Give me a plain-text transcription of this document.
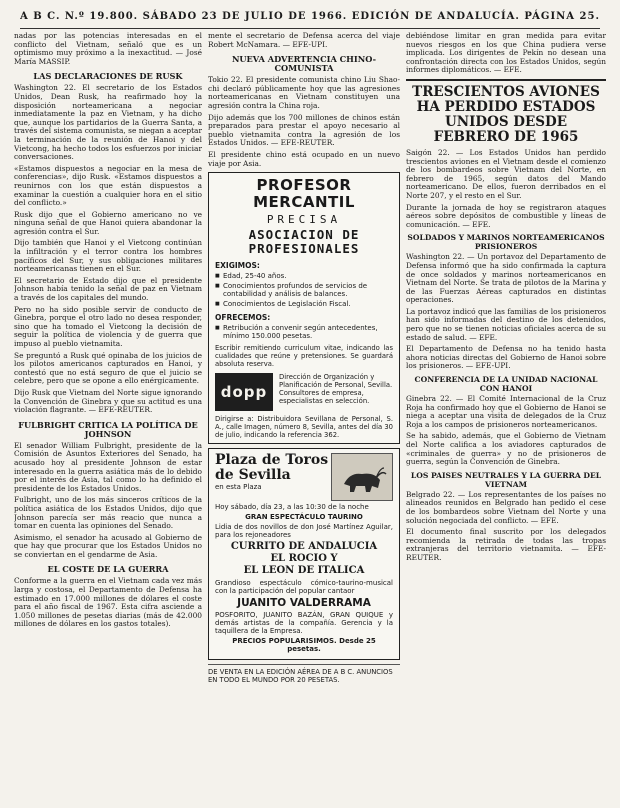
A B C. N.º 19.800. SÁBADO 23 DE JULIO DE 1966. EDICIÓN DE ANDALUCÍA. PÁGINA 25.

nadas por las potencias interesadas en el conflicto del Vietnam, señaló que es un optimismo muy próximo a la inexactitud. — José María MASSIP.

LAS DECLARACIONES DE RUSK

Washington 22. El secretario de los Estados Unidos, Dean Rusk, ha reafirmado hoy la disposición norteamericana a negociar inmediatamente la paz en Vietnam, y ha dicho que, aunque los partidarios de la Guerra Santa, a través del sistema comunista, se niegan a aceptar la terminación de la reunión de Hanoi y del Vietcong, ha hecho todos los esfuerzos por iniciar conversaciones.

«Estamos dispuestos a negociar en la mesa de conferencias», dijo Rusk. «Estamos dispuestos a reunirnos con los que están dispuestos a examinar la cuestión a cualquier hora en el sitio del conflicto.»

Rusk dijo que el Gobierno americano no ve ninguna señal de que Hanoi quiera abandonar la agresión contra el Sur.

Dijo también que Hanoi y el Vietcong continúan la infiltración y el terror contra los hombres pacíficos del Sur, y sus obligaciones militares norteamericanas tienen en el Sur.

El secretario de Estado dijo que el presidente Johnson había tenido la señal de paz en Vietnam a través de los capitales del mundo.

Pero no ha sido posible servir de conducto de Ginebra, porque el otro lado no desea responder, sino que ha tomado el Vietcong la decisión de seguir la política de violencia y de guerra que impuso al pueblo vietnamita.

Se preguntó a Rusk qué opinaba de los juicios de los pilotos americanos capturados en Hanoi, y contestó que no está seguro de que el juicio se celebre, pero que se opone a ello enérgicamente.

Dijo Rusk que Vietnam del Norte sigue ignorando la Convención de Ginebra y que su actitud es una violación flagrante. — EFE-REUTER.

FULBRIGHT CRITICA LA POLÍTICA DE JOHNSON

El senador William Fulbright, presidente de la Comisión de Asuntos Exteriores del Senado, ha acusado hoy al presidente Johnson de estar interesado en la guerra asiática más de lo debido por el interés de Asia, tal como lo ha definido el presidente de los Estados Unidos.

Fulbright, uno de los más sinceros críticos de la política asiática de los Estados Unidos, dijo que Johnson parecía ser más reacio que nunca a tomar en cuenta las opiniones del Senado.

Asimismo, el senador ha acusado al Gobierno de que hay que procurar que los Estados Unidos no se conviertan en el gendarme de Asia.

EL COSTE DE LA GUERRA

Conforme a la guerra en el Vietnam cada vez más larga y costosa, el Departamento de Defensa ha estimado en 17.000 millones de dólares el coste para el año fiscal de 1967. Esta cifra asciende a 1.050 millones de pesetas diarias (más de 42.000 millones de dólares en los gastos totales).

mente el secretario de Defensa acerca del viaje Robert McNamara. — EFE-UPI.

NUEVA ADVERTENCIA CHINO-COMUNISTA

Tokio 22. El presidente comunista chino Liu Shao-chi declaró públicamente hoy que las agresiones norteamericanas en Vietnam constituyen una agresión contra la China roja.

Dijo además que los 700 millones de chinos están preparados para prestar el apoyo necesario al pueblo vietnamita contra la agresión de los Estados Unidos. — EFE-REUTER.

El presidente chino está ocupado en un nuevo viaje por Asia.

PROFESOR MERCANTIL
PRECISA
ASOCIACION DE PROFESIONALES
EXIGIMOS:
■ Edad, 25-40 años.
■ Conocimientos profundos de servicios de contabilidad y análisis de balances.
■ Conocimientos de Legislación Fiscal.
OFRECEMOS:
■ Retribución a convenir según antecedentes, mínimo 150.000 pesetas.
Escribir remitiendo curriculum vitae, indicando las cualidades que reúne y pretensiones. Se guardará absoluta reserva.
dopp
Dirección de Organización y Planificación de Personal, Sevilla. Consultores de empresa, especialistas en selección.
Dirigirse a: Distribuidora Sevillana de Personal, S. A., calle Imagen, número 8, Sevilla, antes del día 30 de julio, indicando la referencia 362.
Plaza de Toros de Sevilla
en esta Plaza
Hoy sábado, día 23, a las 10:30 de la noche
GRAN ESPECTÁCULO TAURINO
Lidia de dos novillos de don José Martínez Aguilar, para los rejoneadores
CURRITO DE ANDALUCIA
EL ROCIO Y
EL LEON DE ITALICA
Grandioso espectáculo cómico-taurino-musical con la participación del popular cantaor
JUANITO VALDERRAMA
POSFORITO, JUANITO BAZÁN, GRAN QUIQUE y demás artistas de la compañía. Gerencia y la taquillera de la Empresa.
PRECIOS POPULARISIMOS. Desde 25 pesetas.
DE VENTA EN LA EDICIÓN AÉREA DE A B C. ANUNCIOS EN TODO EL MUNDO POR 20 PESETAS.

debiéndose limitar en gran medida para evitar nuevos riesgos en los que China pudiera verse implicada. Los dirigentes de Pekín no desean una confrontación directa con los Estados Unidos, según informes diplomáticos. — EFE.

TRESCIENTOS AVIONES HA PERDIDO ESTADOS UNIDOS DESDE FEBRERO DE 1965

Saigón 22. — Los Estados Unidos han perdido trescientos aviones en el Vietnam desde el comienzo de los bombardeos sobre Vietnam del Norte, en febrero de 1965, según datos del Mando norteamericano. De ellos, fueron derribados en el Norte 207, y el resto en el Sur.

Durante la jornada de hoy se registraron ataques aéreos sobre depósitos de combustible y líneas de comunicación. — EFE.

SOLDADOS Y MARINOS NORTEAMERICANOS PRISIONEROS

Washington 22. — Un portavoz del Departamento de Defensa informó que ha sido confirmada la captura de once soldados y marinos norteamericanos en Vietnam del Norte. Se trata de pilotos de la Marina y de las Fuerzas Aéreas capturados en distintas operaciones.

La portavoz indicó que las familias de los prisioneros han sido informadas del destino de los detenidos, pero que no se tienen noticias oficiales acerca de su estado de salud. — EFE.

El Departamento de Defensa no ha tenido hasta ahora noticias directas del Gobierno de Hanoi sobre los prisioneros. — EFE-UPI.

CONFERENCIA DE LA UNIDAD NACIONAL CON HANOI

Ginebra 22. — El Comité Internacional de la Cruz Roja ha confirmado hoy que el Gobierno de Hanoi se niega a aceptar una visita de delegados de la Cruz Roja a los campos de prisioneros norteamericanos.

Se ha sabido, además, que el Gobierno de Vietnam del Norte califica a los aviadores capturados de «criminales de guerra» y no de prisioneros de guerra, según la Convención de Ginebra.

LOS PAISES NEUTRALES Y LA GUERRA DEL VIETNAM

Belgrado 22. — Los representantes de los países no alineados reunidos en Belgrado han pedido el cese de los bombardeos sobre Vietnam del Norte y una solución negociada del conflicto. — EFE.

El documento final suscrito por los delegados recomienda la retirada de todas las tropas extranjeras del territorio vietnamita. — EFE-REUTER.
